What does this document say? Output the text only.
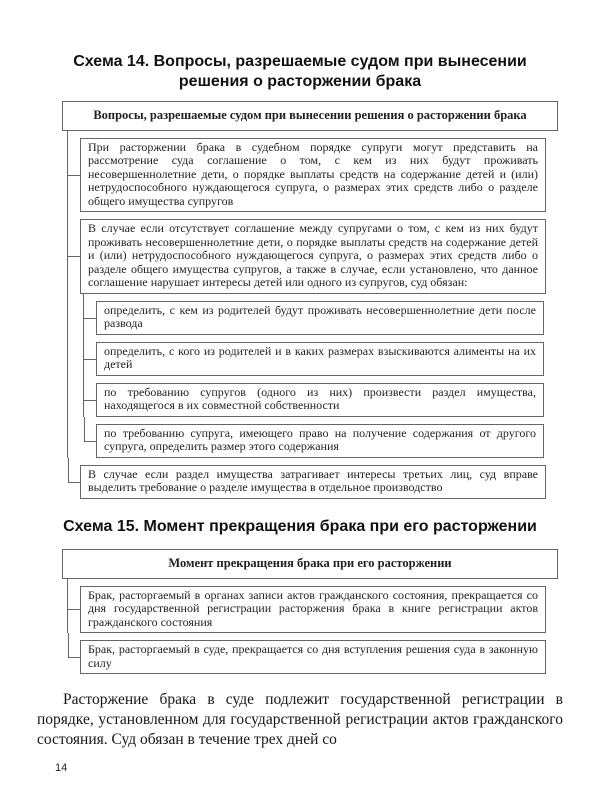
Схема 14. Вопросы, разрешаемые судом при вынесении решения о расторжении брака
Вопросы, разрешаемые судом при вынесении решения о расторжении брака
При расторжении брака в судебном порядке супруги могут представить на рассмотрение суда соглашение о том, с кем из них будут проживать несовершеннолетние дети, о порядке выплаты средств на содержание детей и (или) нетрудоспособного нуждающегося супруга, о размерах этих средств либо о разделе общего имущества супругов
В случае если отсутствует соглашение между супругами о том, с кем из них будут проживать несовершеннолетние дети, о порядке выплаты средств на содержание детей и (или) нетрудоспособного нуждающегося супруга, о размерах этих средств либо о разделе общего имущества супругов, а также в случае, если установлено, что данное соглашение нарушает интересы детей или одного из супругов, суд обязан:
определить, с кем из родителей будут проживать несовершеннолетние дети после развода
определить, с кого из родителей и в каких размерах взыскиваются алименты на их детей
по требованию супругов (одного из них) произвести раздел имущества, находящегося в их совместной собственности
по требованию супруга, имеющего право на получение содержания от другого супруга, определить размер этого содержания
В случае если раздел имущества затрагивает интересы третьих лиц, суд вправе выделить требование о разделе имущества в отдельное производство
Схема 15. Момент прекращения брака при его расторжении
Момент прекращения брака при его расторжении
Брак, расторгаемый в органах записи актов гражданского состояния, прекращается со дня государственной регистрации расторжения брака в книге регистрации актов гражданского состояния
Брак, расторгаемый в суде, прекращается со дня вступления решения суда в законную силу

Расторжение брака в суде подлежит государственной регистрации в порядке, установленном для государственной регистрации актов гражданского состояния. Суд обязан в течение трех дней со

14
